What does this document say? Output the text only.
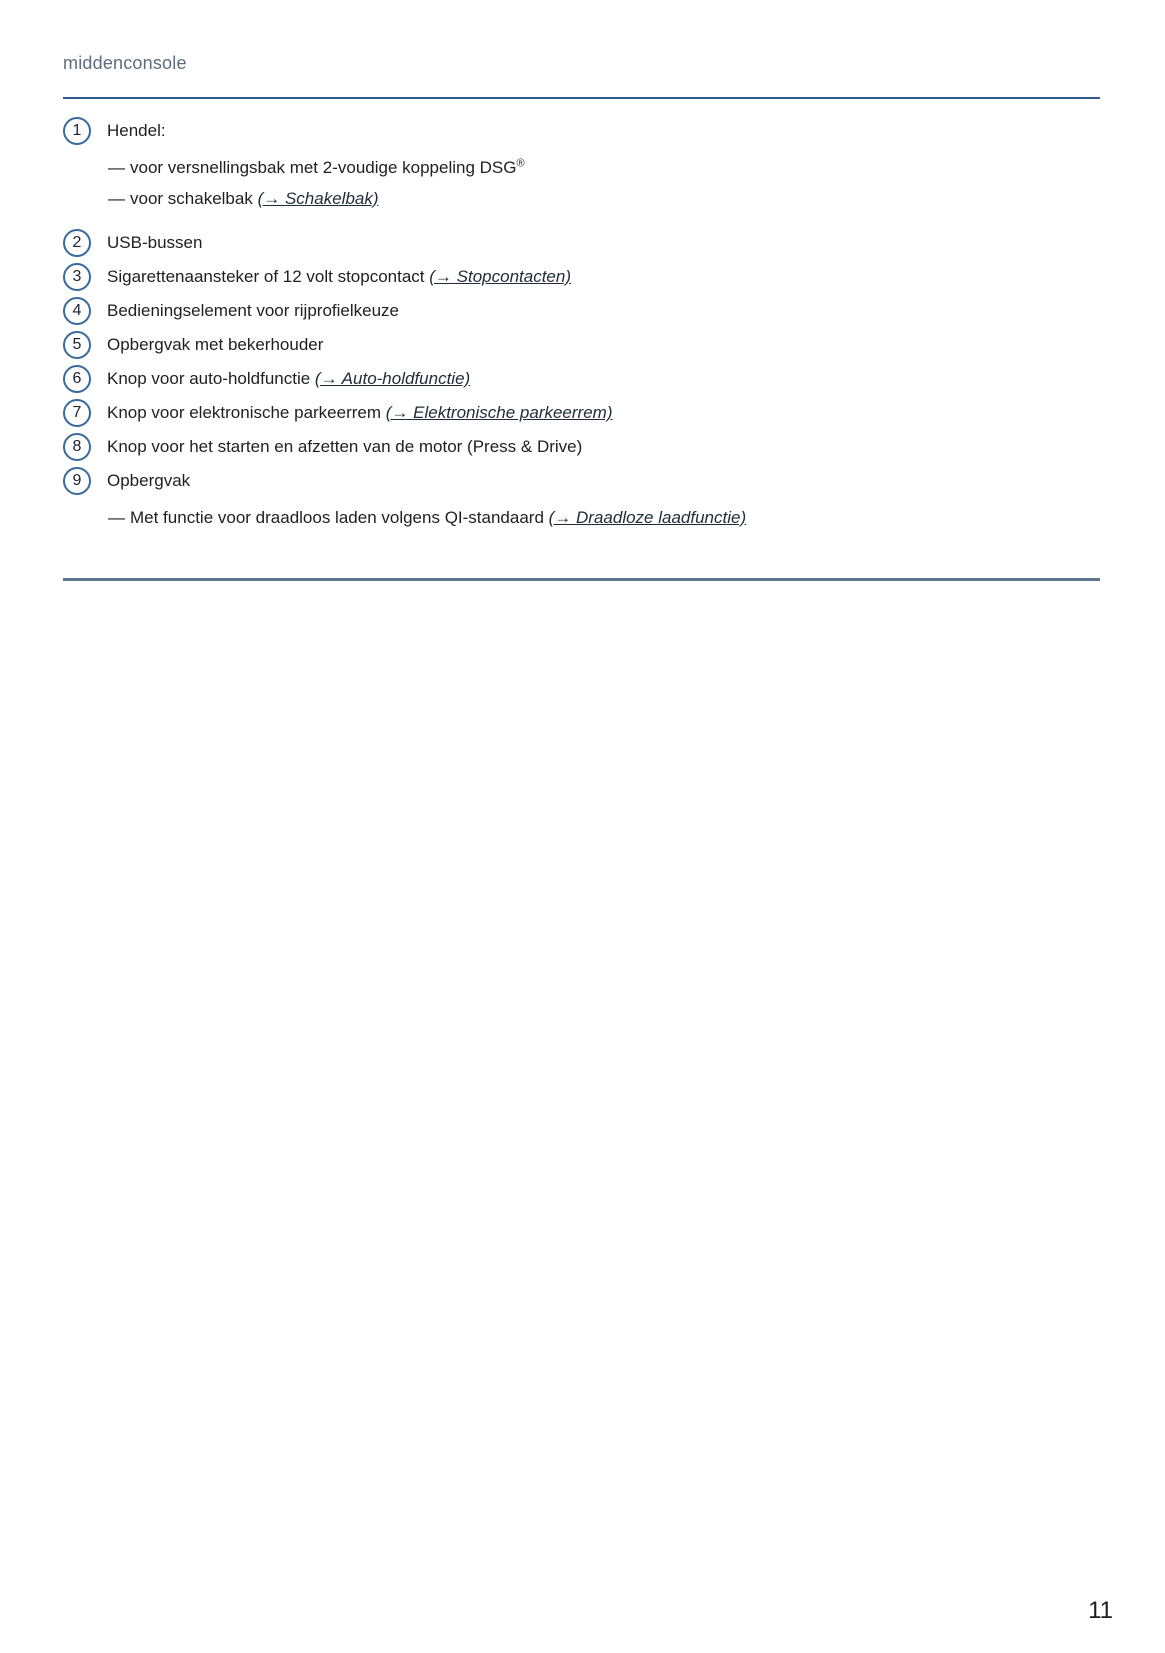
middenconsole
1	Hendel:
— voor versnellingsbak met 2-voudige koppeling DSG®
— voor schakelbak (→ Schakelbak)
2	USB-bussen
3	Sigarettenaansteker of 12 volt stopcontact (→ Stopcontacten)
4	Bedieningselement voor rijprofielkeuze
5	Opbergvak met bekerhouder
6	Knop voor auto-holdfunctie (→ Auto-holdfunctie)
7	Knop voor elektronische parkeerrem (→ Elektronische parkeerrem)
8	Knop voor het starten en afzetten van de motor (Press & Drive)
9	Opbergvak
— Met functie voor draadloos laden volgens QI-standaard (→ Draadloze laadfunctie)
11
